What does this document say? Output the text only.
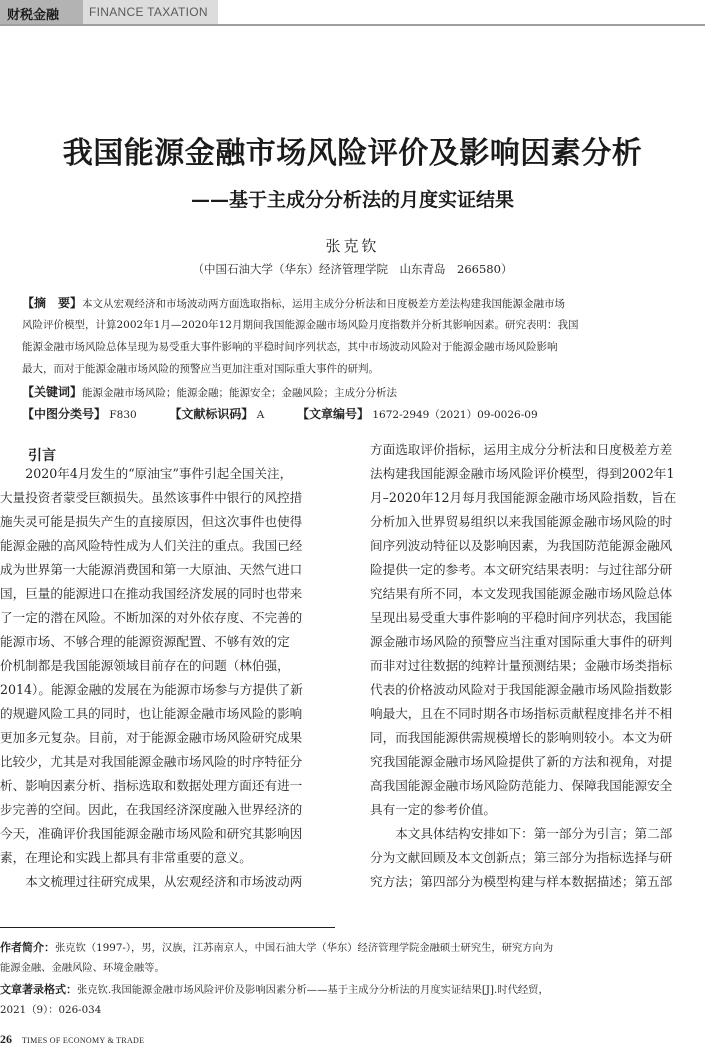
财税金融 FINANCE TAXATION
我国能源金融市场风险评价及影响因素分析
——基于主成分分析法的月度实证结果
张克钦
（中国石油大学（华东）经济管理学院　山东青岛　266580）
【摘　要】本文从宏观经济和市场波动两方面选取指标，运用主成分分析法和日度极差方差法构建我国能源金融市场
风险评价模型，计算2002年1月—2020年12月期间我国能源金融市场风险月度指数并分析其影响因素。研究表明：我国
能源金融市场风险总体呈现为易受重大事件影响的平稳时间序列状态，其中市场波动风险对于能源金融市场风险影响
最大，而对于能源金融市场风险的预警应当更加注重对国际重大事件的研判。
【关键词】能源金融市场风险；能源金融；能源安全；金融风险；主成分分析法
【中图分类号】 F830	【文献标识码】 A	【文章编号】 1672-2949（2021）09-0026-09
引言
　　2020年4月发生的“原油宝”事件引起全国关注，
大量投资者蒙受巨额损失。虽然该事件中银行的风控措
施失灵可能是损失产生的直接原因，但这次事件也使得
能源金融的高风险特性成为人们关注的重点。我国已经
成为世界第一大能源消费国和第一大原油、天然气进口
国，巨量的能源进口在推动我国经济发展的同时也带来
了一定的潜在风险。不断加深的对外依存度、不完善的
能源市场、不够合理的能源资源配置、不够有效的定
价机制都是我国能源领域目前存在的问题（林伯强，
2014）。能源金融的发展在为能源市场参与方提供了新
的规避风险工具的同时，也让能源金融市场风险的影响
更加多元复杂。目前，对于能源金融市场风险研究成果
比较少，尤其是对我国能源金融市场风险的时序特征分
析、影响因素分析、指标选取和数据处理方面还有进一
步完善的空间。因此，在我国经济深度融入世界经济的
今天，准确评价我国能源金融市场风险和研究其影响因
素，在理论和实践上都具有非常重要的意义。
　　本文梳理过往研究成果，从宏观经济和市场波动两
方面选取评价指标，运用主成分分析法和日度极差方差
法构建我国能源金融市场风险评价模型，得到2002年1
月–2020年12月每月我国能源金融市场风险指数，旨在
分析加入世界贸易组织以来我国能源金融市场风险的时
间序列波动特征以及影响因素，为我国防范能源金融风
险提供一定的参考。本文研究结果表明：与过往部分研
究结果有所不同，本文发现我国能源金融市场风险总体
呈现出易受重大事件影响的平稳时间序列状态，我国能
源金融市场风险的预警应当注重对国际重大事件的研判
而非对过往数据的纯粹计量预测结果；金融市场类指标
代表的价格波动风险对于我国能源金融市场风险指数影
响最大，且在不同时期各市场指标贡献程度排名并不相
同，而我国能源供需规模增长的影响则较小。本文为研
究我国能源金融市场风险提供了新的方法和视角，对提
高我国能源金融市场风险防范能力、保障我国能源安全
具有一定的参考价值。
　　本文具体结构安排如下：第一部分为引言；第二部
分为文献回顾及本文创新点；第三部分为指标选择与研
究方法；第四部分为模型构建与样本数据描述；第五部
作者简介：张克钦（1997-），男，汉族，江苏南京人，中国石油大学（华东）经济管理学院金融硕士研究生，研究方向为
能源金融、金融风险、环境金融等。
文章著录格式：张克钦.我国能源金融市场风险评价及影响因素分析——基于主成分分析法的月度实证结果[J].时代经贸，
2021（9）：026-034
26 TIMES OF ECONOMY & TRADE
